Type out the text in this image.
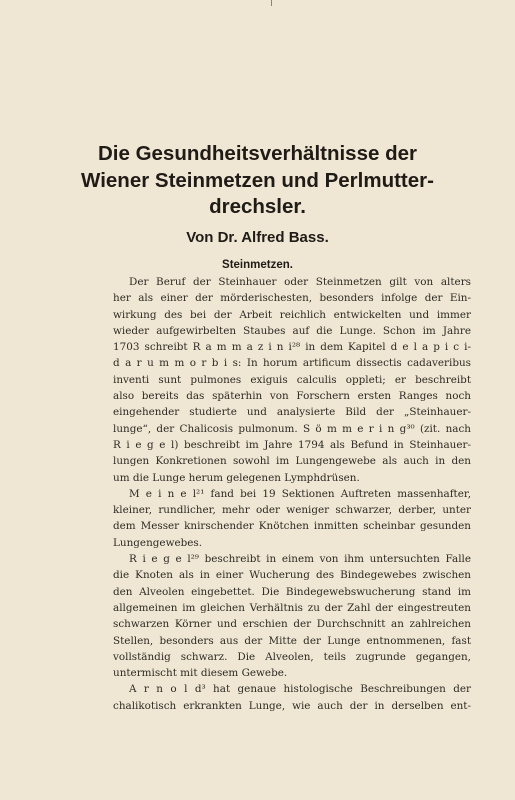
Die Gesundheitsverhältnisse der
Wiener Steinmetzen und Perlmutter-
drechsler.

Von Dr. Alfred Bass.

Steinmetzen.

Der Beruf der Steinhauer oder Steinmetzen gilt von alters
her als einer der mörderischesten, besonders infolge der Ein-
wirkung des bei der Arbeit reichlich entwickelten und immer
wieder aufgewirbelten Staubes auf die Lunge. Schon im Jahre
1703 schreibt R a m m a z i n i²⁸ in dem Kapitel d e l a p i c i-
d a r u m m o r b i s: In horum artificum dissectis cadaveribus
inventi sunt pulmones exiguis calculis oppleti; er beschreibt
also bereits das späterhin von Forschern ersten Ranges noch
eingehender studierte und analysierte Bild der „Steinhauer-
lunge“, der Chalicosis pulmonum. S ö m m e r i n g³⁰ (zit. nach
R i e g e l) beschreibt im Jahre 1794 als Befund in Steinhauer-
lungen Konkretionen sowohl im Lungengewebe als auch in den
um die Lunge herum gelegenen Lymphdrüsen.

M e i n e l²¹ fand bei 19 Sektionen Auftreten massenhafter,
kleiner, rundlicher, mehr oder weniger schwarzer, derber, unter
dem Messer knirschender Knötchen inmitten scheinbar gesunden
Lungengewebes.

R i e g e l²⁹ beschreibt in einem von ihm untersuchten Falle
die Knoten als in einer Wucherung des Bindegewebes zwischen
den Alveolen eingebettet. Die Bindegewebswucherung stand im
allgemeinen im gleichen Verhältnis zu der Zahl der eingestreuten
schwarzen Körner und erschien der Durchschnitt an zahlreichen
Stellen, besonders aus der Mitte der Lunge entnommenen, fast
vollständig schwarz. Die Alveolen, teils zugrunde gegangen,
untermischt mit diesem Gewebe.

A r n o l d³ hat genaue histologische Beschreibungen der
chalikotisch erkrankten Lunge, wie auch der in derselben ent-
